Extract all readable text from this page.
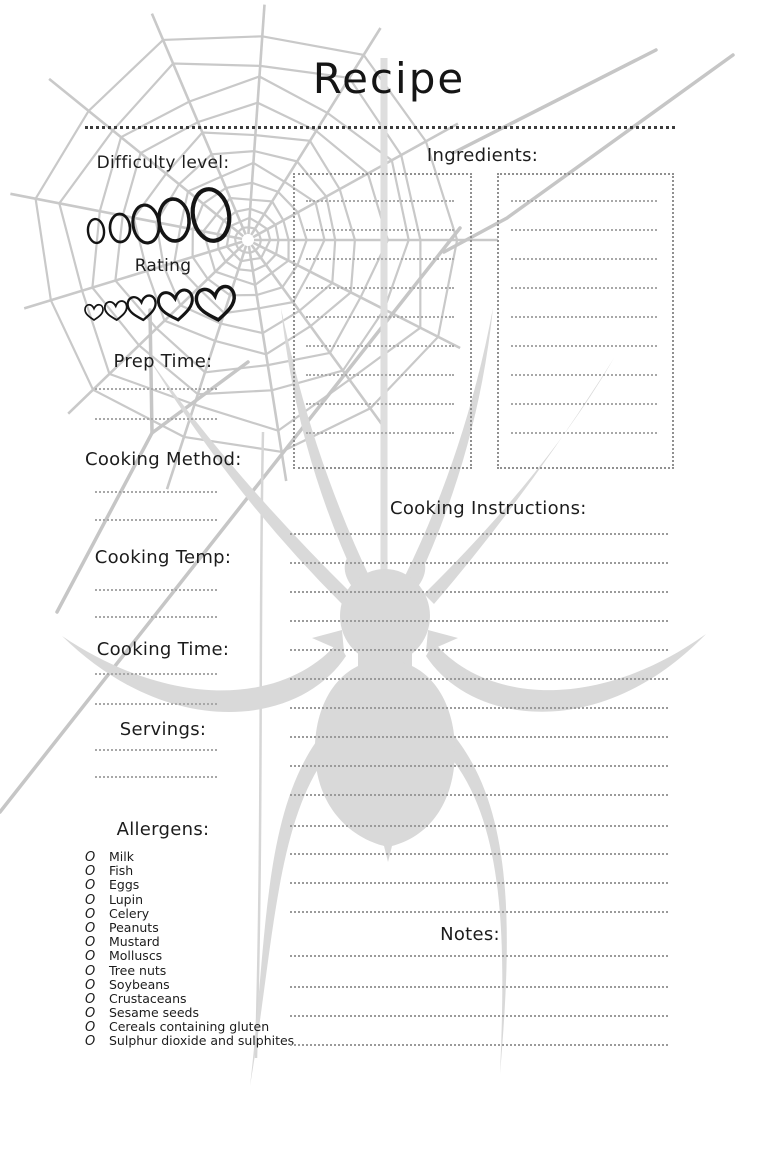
Recipe
Difficulty level:
Rating
Prep Time:
Cooking Method:
Cooking Temp:
Cooking Time:
Servings:
Allergens:
O Milk
O Fish
O Eggs
O Lupin
O Celery
O Peanuts
O Mustard
O Molluscs
O Tree nuts
O Soybeans
O Crustaceans
O Sesame seeds
O Cereals containing gluten
O Sulphur dioxide and sulphites
Ingredients:
Cooking Instructions:
Notes:
